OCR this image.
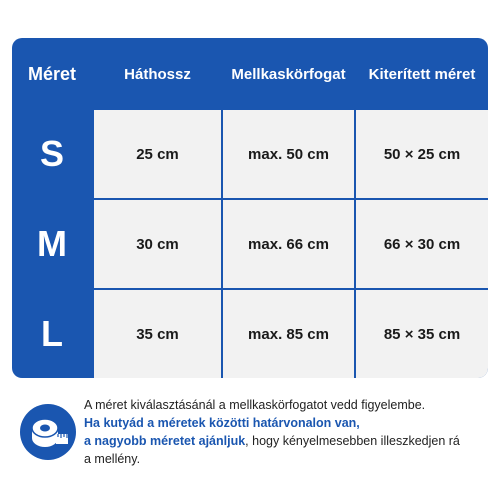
Méret	Háthossz	Mellkaskörfogat	Kiterített méret
S	25 cm	max. 50 cm	50 × 25 cm
M	30 cm	max. 66 cm	66 × 30 cm
L	35 cm	max. 85 cm	85 × 35 cm
A méret kiválasztásánál a mellkaskörfogatot vedd figyelembe.
Ha kutyád a méretek közötti határvonalon van,
a nagyobb méretet ajánljuk, hogy kényelmesebben illeszkedjen rá
a mellény.
